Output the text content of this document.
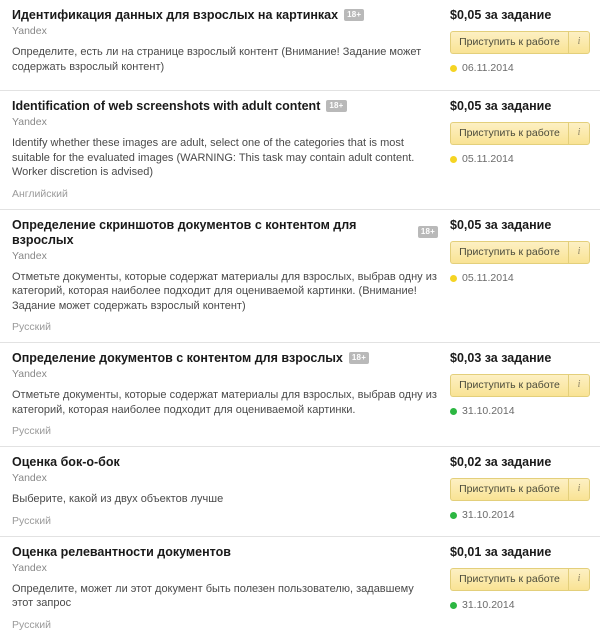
Идентификация данных для взрослых на картинках	18+
Yandex
Определите, есть ли на странице взрослый контент (Внимание! Задание может содержать взрослый контент)
$0,05 за задание
Приступить к работе	i
06.11.2014
Identification of web screenshots with adult content	18+
Yandex
Identify whether these images are adult, select one of the categories that is most suitable for the evaluated images (WARNING: This task may contain adult content. Worker discretion is advised)
Английский
$0,05 за задание
Приступить к работе	i
05.11.2014
Определение скриншотов документов с контентом для взрослых
18+
Yandex
Отметьте документы, которые содержат материалы для взрослых, выбрав одну из категорий, которая наиболее подходит для оцениваемой картинки. (Внимание! Задание может содержать взрослый контент)
Русский
$0,05 за задание
Приступить к работе	i
05.11.2014
Определение документов с контентом для взрослых	18+
Yandex
Отметьте документы, которые содержат материалы для взрослых, выбрав одну из категорий, которая наиболее подходит для оцениваемой картинки.
Русский
$0,03 за задание
Приступить к работе	i
31.10.2014
Оценка бок-о-бок
Yandex
Выберите, какой из двух объектов лучше
Русский
$0,02 за задание
Приступить к работе	i
31.10.2014
Оценка релевантности документов
Yandex
Определите, может ли этот документ быть полезен пользователю, задавшему этот запрос
Русский
$0,01 за задание
Приступить к работе	i
31.10.2014
